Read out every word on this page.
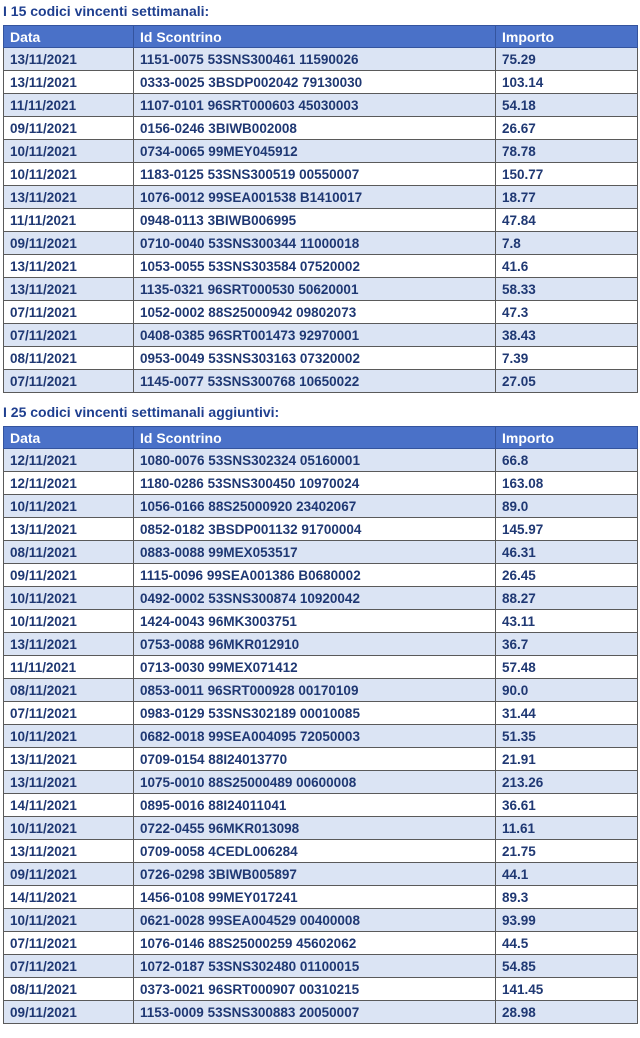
I 15 codici vincenti settimanali:
Data	Id Scontrino	Importo
13/11/2021	1151-0075 53SNS300461 11590026	75.29
13/11/2021	0333-0025 3BSDP002042 79130030	103.14
11/11/2021	1107-0101 96SRT000603 45030003	54.18
09/11/2021	0156-0246 3BIWB002008	26.67
10/11/2021	0734-0065 99MEY045912	78.78
10/11/2021	1183-0125 53SNS300519 00550007	150.77
13/11/2021	1076-0012 99SEA001538 B1410017	18.77
11/11/2021	0948-0113 3BIWB006995	47.84
09/11/2021	0710-0040 53SNS300344 11000018	7.8
13/11/2021	1053-0055 53SNS303584 07520002	41.6
13/11/2021	1135-0321 96SRT000530 50620001	58.33
07/11/2021	1052-0002 88S25000942 09802073	47.3
07/11/2021	0408-0385 96SRT001473 92970001	38.43
08/11/2021	0953-0049 53SNS303163 07320002	7.39
07/11/2021	1145-0077 53SNS300768 10650022	27.05
I 25 codici vincenti settimanali aggiuntivi:
Data	Id Scontrino	Importo
12/11/2021	1080-0076 53SNS302324 05160001	66.8
12/11/2021	1180-0286 53SNS300450 10970024	163.08
10/11/2021	1056-0166 88S25000920 23402067	89.0
13/11/2021	0852-0182 3BSDP001132 91700004	145.97
08/11/2021	0883-0088 99MEX053517	46.31
09/11/2021	1115-0096 99SEA001386 B0680002	26.45
10/11/2021	0492-0002 53SNS300874 10920042	88.27
10/11/2021	1424-0043 96MK3003751	43.11
13/11/2021	0753-0088 96MKR012910	36.7
11/11/2021	0713-0030 99MEX071412	57.48
08/11/2021	0853-0011 96SRT000928 00170109	90.0
07/11/2021	0983-0129 53SNS302189 00010085	31.44
10/11/2021	0682-0018 99SEA004095 72050003	51.35
13/11/2021	0709-0154 88I24013770	21.91
13/11/2021	1075-0010 88S25000489 00600008	213.26
14/11/2021	0895-0016 88I24011041	36.61
10/11/2021	0722-0455 96MKR013098	11.61
13/11/2021	0709-0058 4CEDL006284	21.75
09/11/2021	0726-0298 3BIWB005897	44.1
14/11/2021	1456-0108 99MEY017241	89.3
10/11/2021	0621-0028 99SEA004529 00400008	93.99
07/11/2021	1076-0146 88S25000259 45602062	44.5
07/11/2021	1072-0187 53SNS302480 01100015	54.85
08/11/2021	0373-0021 96SRT000907 00310215	141.45
09/11/2021	1153-0009 53SNS300883 20050007	28.98
